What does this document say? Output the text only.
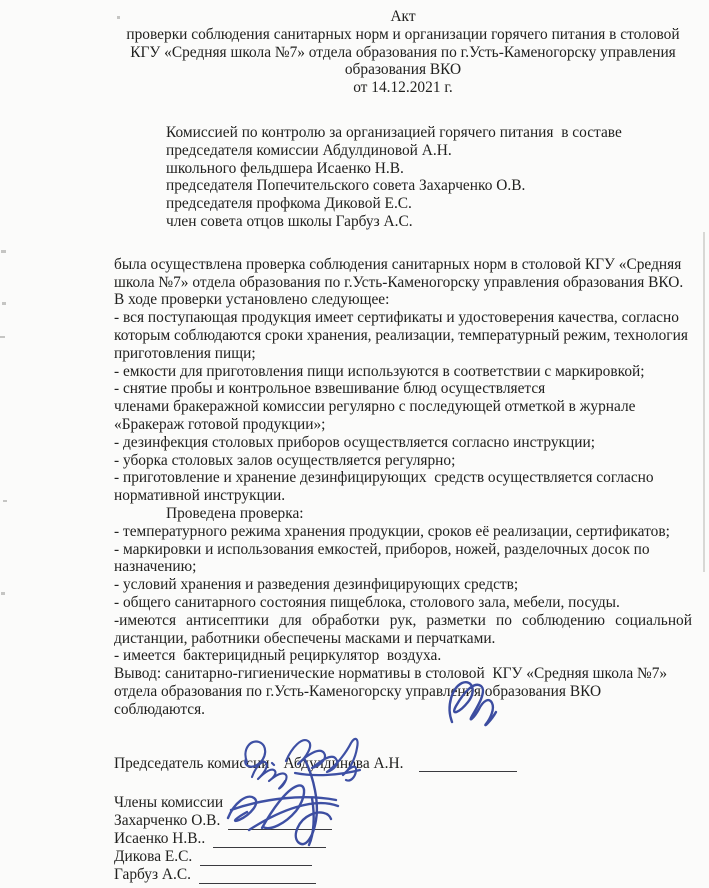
Акт
проверки соблюдения санитарных норм и организации горячего питания в столовой
КГУ «Средняя школа №7» отдела образования по г.Усть-Каменогорску управления
образования ВКО
от 14.12.2021 г.
Комиссией по контролю за организацией горячего питания  в составе
председателя комиссии Абдулдиновой А.Н.
школьного фельдшера Исаенко Н.В.
председателя Попечительского совета Захарченко О.В.
председателя профкома Диковой Е.С.
член совета отцов школы Гарбуз А.С.

была осуществлена проверка соблюдения санитарных норм в столовой КГУ «Средняя школа №7» отдела образования по г.Усть-Каменогорску управления образования ВКО. В ходе проверки установлено следующее:

- вся поступающая продукция имеет сертификаты и удостоверения качества, согласно которым соблюдаются сроки хранения, реализации, температурный режим, технология приготовления пищи;

- емкости для приготовления пищи используются в соответствии с маркировкой;

- снятие пробы и контрольное взвешивание блюд осуществляется

членами бракеражной комиссии регулярно с последующей отметкой в журнале «Бракераж готовой продукции»;

- дезинфекция столовых приборов осуществляется согласно инструкции;

- уборка столовых залов осуществляется регулярно;

- приготовление и хранение дезинфицирующих  средств осуществляется согласно нормативной инструкции.

Проведена проверка:

- температурного режима хранения продукции, сроков её реализации, сертификатов;

- маркировки и использования емкостей, приборов, ножей, разделочных досок по назначению;

- условий хранения и разведения дезинфицирующих средств;

- общего санитарного состояния пищеблока, столового зала, мебели, посуды.

-имеются антисептики для обработки рук, разметки по соблюдению социальной дистанции, работники обеспечены масками и перчатками.

- имеется  бактерицидный рециркулятор  воздуха.

Вывод: санитарно-гигиенические нормативы в столовой  КГУ «Средняя школа №7» отдела образования по г.Усть-Каменогорску управления образования ВКО соблюдаются.

Председатель комиссии Абдулдинова А.Н.
Члены комиссии
Захарченко О.В.
Исаенко Н.В..
Дикова Е.С.
Гарбуз А.С.
